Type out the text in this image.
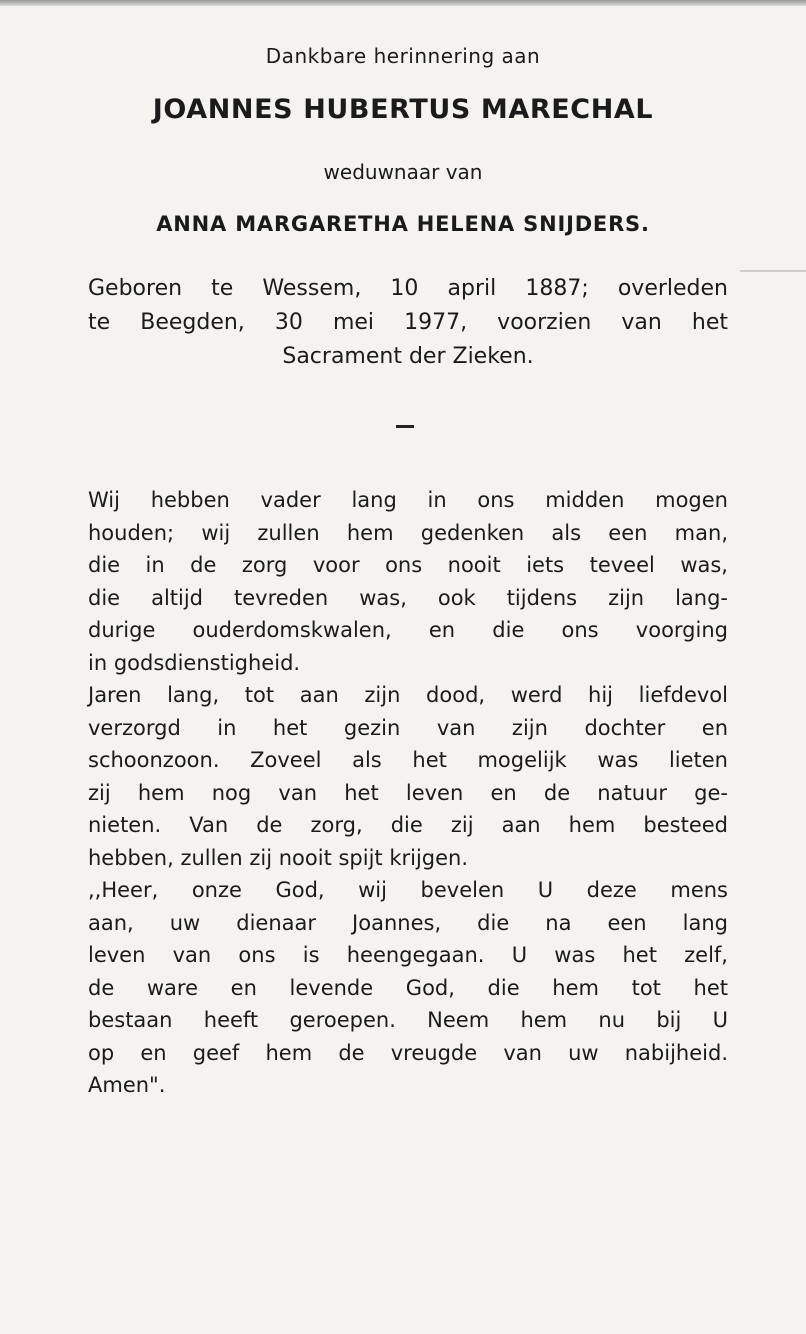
Dankbare herinnering aan

JOANNES HUBERTUS MARECHAL

weduwnaar van

ANNA MARGARETHA HELENA SNIJDERS.

Geboren te Wessem, 10 april 1887; overleden
te Beegden, 30 mei 1977, voorzien van het
Sacrament der Zieken.

Wij hebben vader lang in ons midden mogen
houden; wij zullen hem gedenken als een man,
die in de zorg voor ons nooit iets teveel was,
die altijd tevreden was, ook tijdens zijn lang-
durige ouderdomskwalen, en die ons voorging
in godsdienstigheid.
Jaren lang, tot aan zijn dood, werd hij liefdevol
verzorgd in het gezin van zijn dochter en
schoonzoon. Zoveel als het mogelijk was lieten
zij hem nog van het leven en de natuur ge-
nieten. Van de zorg, die zij aan hem besteed
hebben, zullen zij nooit spijt krijgen.
,,Heer, onze God, wij bevelen U deze mens
aan, uw dienaar Joannes, die na een lang
leven van ons is heengegaan. U was het zelf,
de ware en levende God, die hem tot het
bestaan heeft geroepen. Neem hem nu bij U
op en geef hem de vreugde van uw nabijheid.
Amen".
